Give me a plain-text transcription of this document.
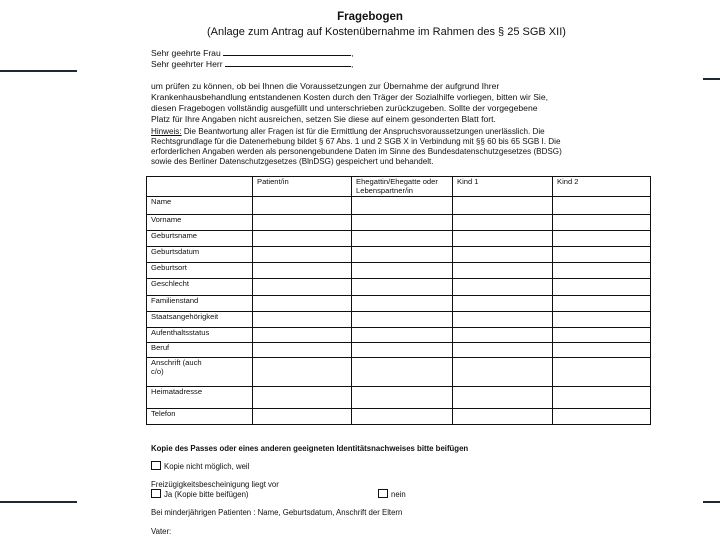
Fragebogen
(Anlage zum Antrag auf Kostenübernahme im Rahmen des § 25 SGB XII)
Sehr geehrte Frau	,
Sehr geehrter Herr	,
um prüfen zu können, ob bei Ihnen die Voraussetzungen zur Übernahme der aufgrund Ihrer
Krankenhausbehandlung entstandenen Kosten durch den Träger der Sozialhilfe vorliegen, bitten wir Sie,
diesen Fragebogen vollständig ausgefüllt und unterschrieben zurückzugeben. Sollte der vorgegebene
Platz für Ihre Angaben nicht ausreichen, setzen Sie diese auf einem gesonderten Blatt fort.
Hinweis: Die Beantwortung aller Fragen ist für die Ermittlung der Anspruchsvoraussetzungen unerlässlich. Die
Rechtsgrundlage für die Datenerhebung bildet § 67 Abs. 1 und 2 SGB X in Verbindung mit §§ 60 bis 65 SGB I. Die
erforderlichen Angaben werden als personengebundene Daten im Sinne des Bundesdatenschutzgesetzes (BDSG)
sowie des Berliner Datenschutzgesetzes (BlnDSG) gespeichert und behandelt.
	Patient/in	Ehegattin/Ehegatte oder Lebenspartner/in	Kind 1	Kind 2
Name				
Vorname				
Geburtsname				
Geburtsdatum				
Geburtsort				
Geschlecht				
Familienstand				
Staatsangehörigkeit				
Aufenthaltsstatus				
Beruf				
Anschrift (auch c/o)				
Heimatadresse				
Telefon				
Kopie des Passes oder eines anderen geeigneten Identitätsnachweises bitte beifügen
Kopie nicht möglich, weil
Freizügigkeitsbescheinigung liegt vor
Ja (Kopie bitte beifügen)	nein
Bei minderjährigen Patienten : Name, Geburtsdatum, Anschrift der Eltern
Vater:
